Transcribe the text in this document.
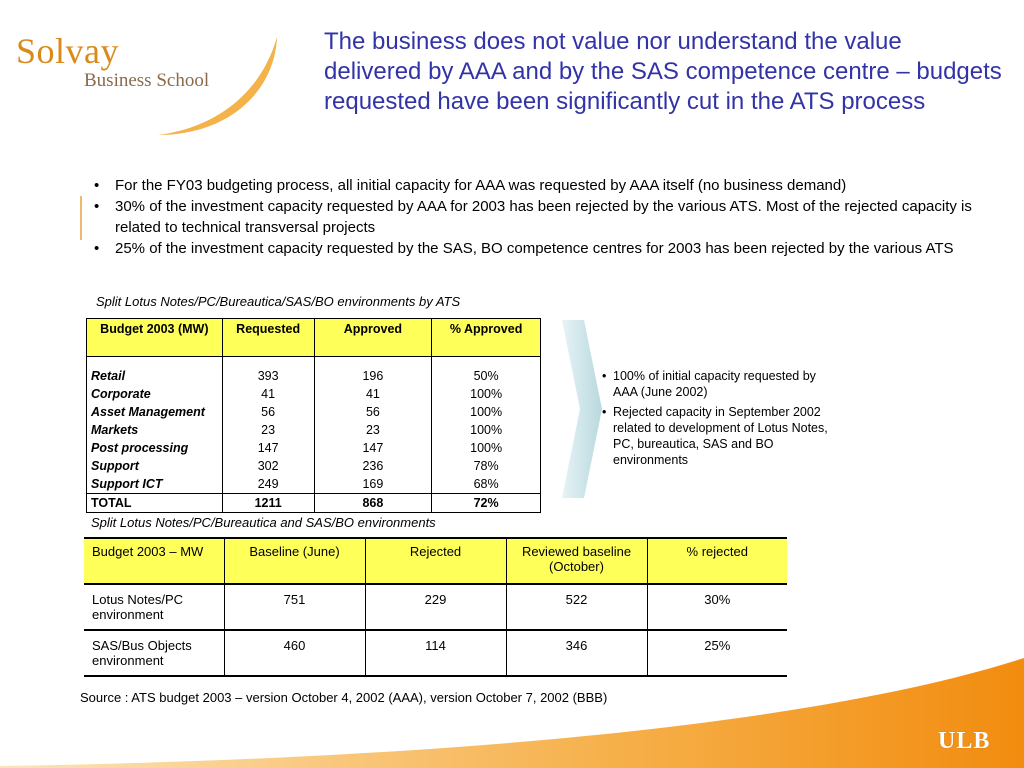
Solvay
Business School
The business does not value nor understand the value delivered by AAA and by the SAS competence centre – budgets requested have been significantly cut in the ATS process
• For the FY03 budgeting process, all initial capacity for AAA was requested by AAA itself (no business demand)
• 30% of the investment capacity requested by AAA for 2003 has been rejected by the various ATS. Most of the rejected capacity is related to technical transversal projects
• 25% of the investment capacity requested by the SAS, BO competence centres for 2003 has been rejected by the various ATS
Split Lotus Notes/PC/Bureautica/SAS/BO environments by ATS
Budget 2003 (MW)	Requested	Approved	% Approved

Retail	393	196	50%
Corporate	41	41	100%
Asset Management	56	56	100%
Markets	23	23	100%
Post processing	147	147	100%
Support	302	236	78%
Support ICT	249	169	68%
TOTAL	1211	868	72%
• 100% of initial capacity requested by AAA (June 2002)
• Rejected capacity in September 2002 related to development of Lotus Notes, PC, bureautica, SAS and BO environments
Split Lotus Notes/PC/Bureautica and SAS/BO environments
Budget 2003 – MW	Baseline (June)	Rejected	Reviewed baseline (October)	% rejected
Lotus Notes/PC environment	751	229	522	30%
SAS/Bus Objects environment	460	114	346	25%
Source : ATS budget 2003 – version October 4, 2002 (AAA), version October 7, 2002 (BBB)
ULB
